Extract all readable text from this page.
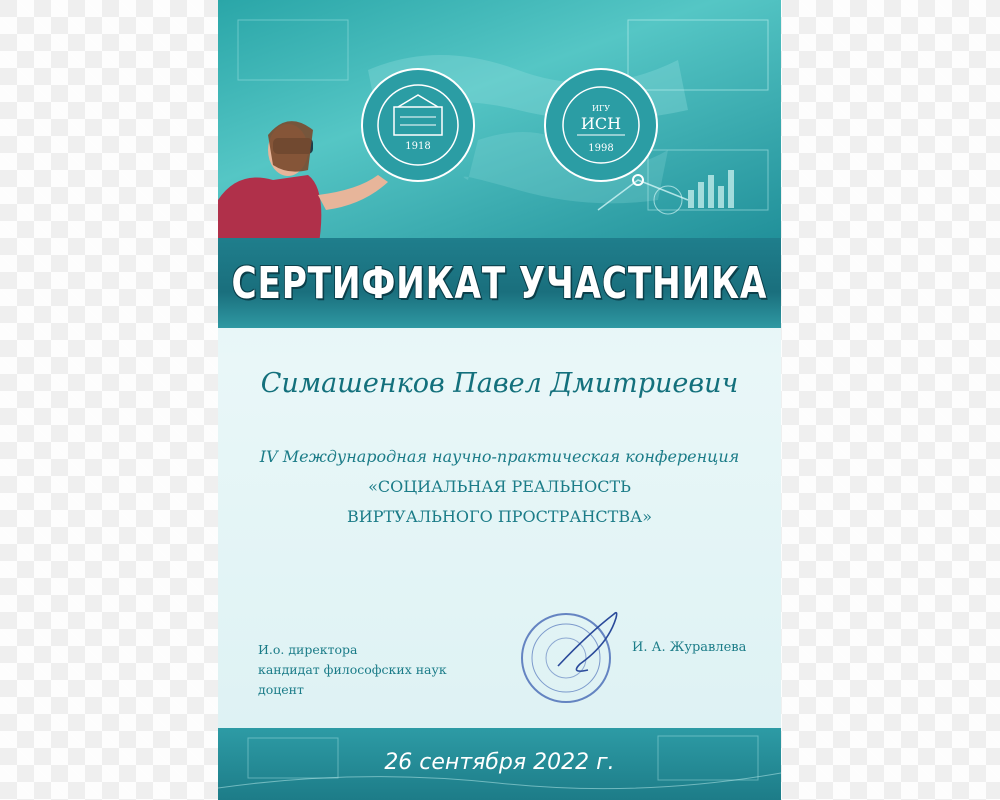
1918
ИГУ
ИСН
1998
СЕРТИФИКАТ УЧАСТНИКА
Симашенков Павел Дмитриевич
IV Международная научно-практическая конференция
«СОЦИАЛЬНАЯ РЕАЛЬНОСТЬ
ВИРТУАЛЬНОГО ПРОСТРАНСТВА»
И.о. директора
кандидат философских наук
доцент
И. А. Журавлева
26 сентября 2022 г.
